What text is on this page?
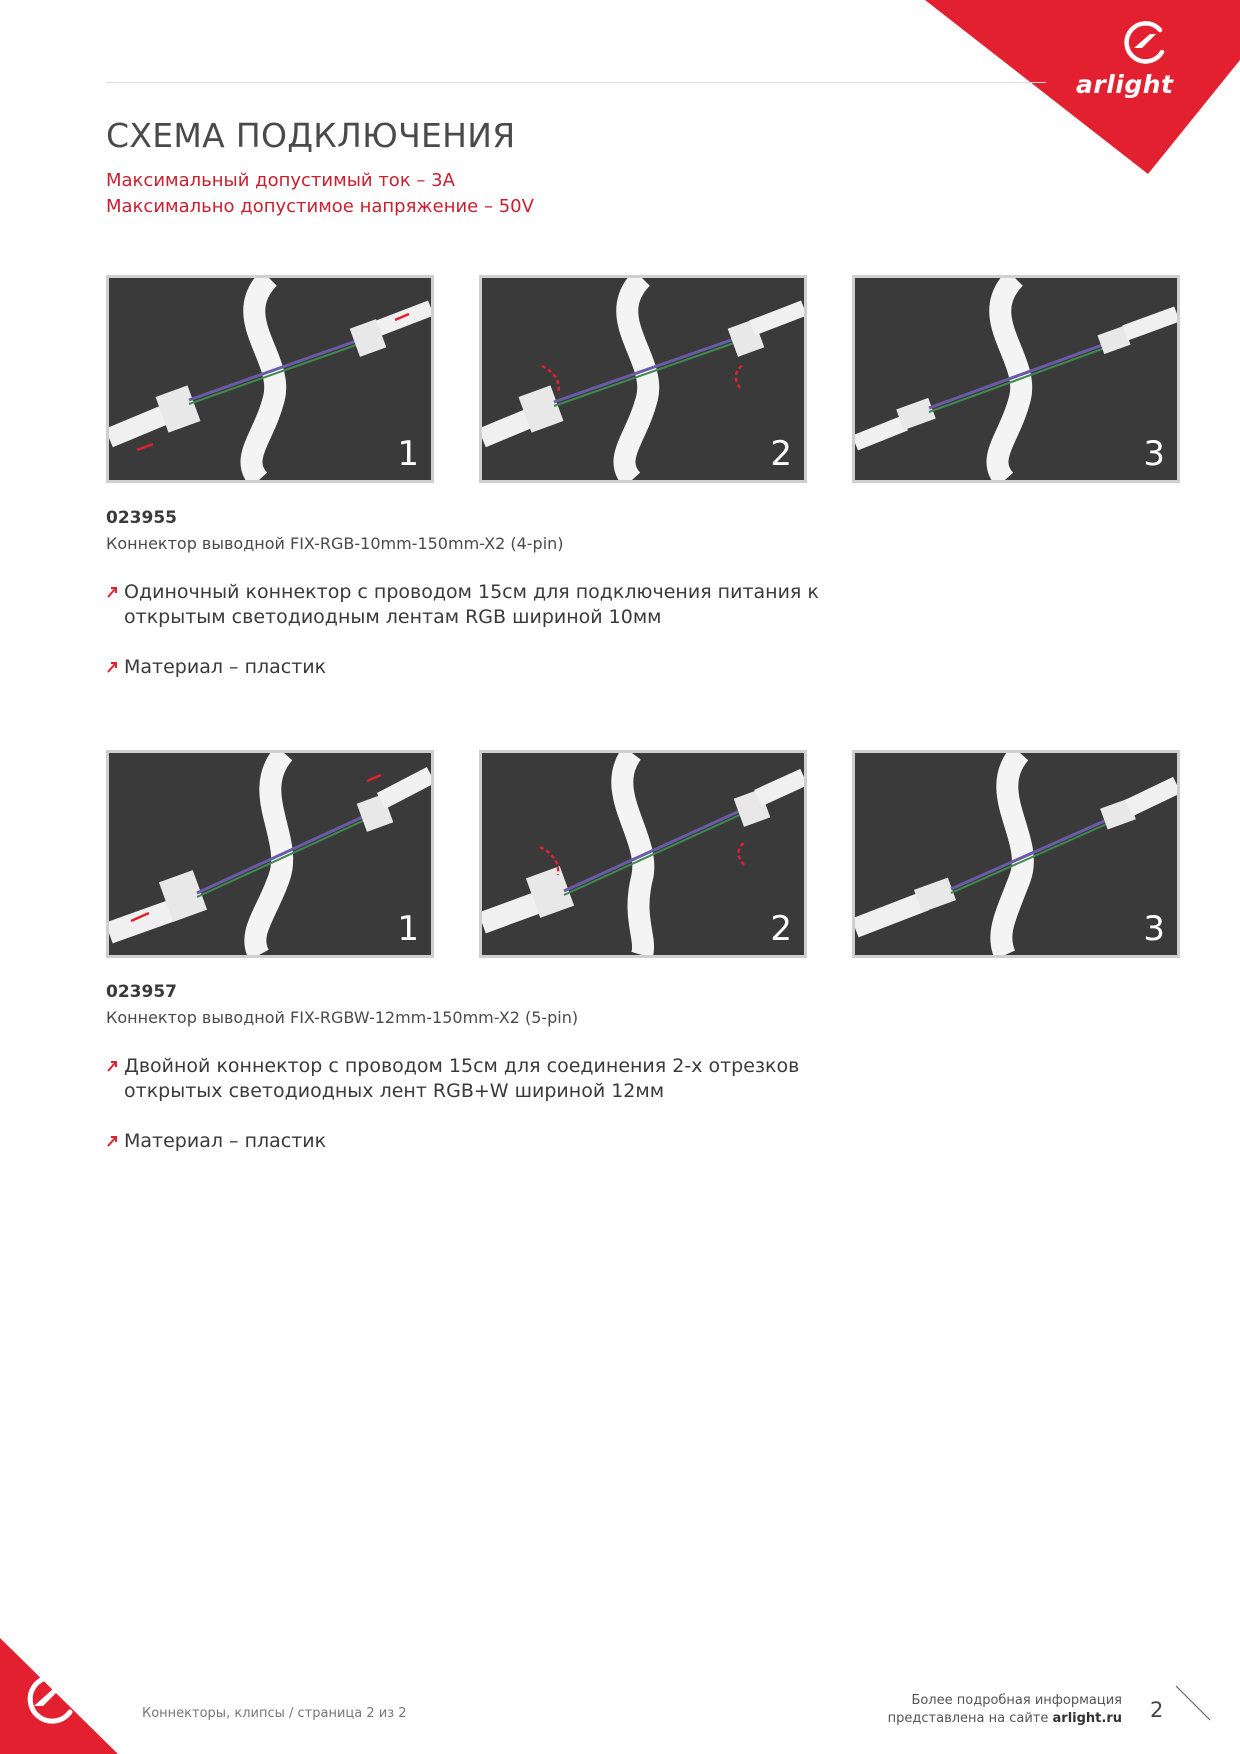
arlight
СХЕМА ПОДКЛЮЧЕНИЯ
Максимальный допустимый ток – 3А
Максимально допустимое напряжение – 50V
1	2	3
023955
Коннектор выводной FIX-RGB-10mm-150mm-X2 (4-pin)
Одиночный коннектор с проводом 15см для подключения питания к открытым светодиодным лентам RGB шириной 10мм
Материал – пластик
1	2	3
023957
Коннектор выводной FIX-RGBW-12mm-150mm-X2 (5-pin)
Двойной коннектор с проводом 15см для соединения 2-х отрезков открытых светодиодных лент RGB+W шириной 12мм
Материал – пластик
Коннекторы, клипсы / страница 2 из 2
Более подробная информация
представлена на сайте arlight.ru 2
